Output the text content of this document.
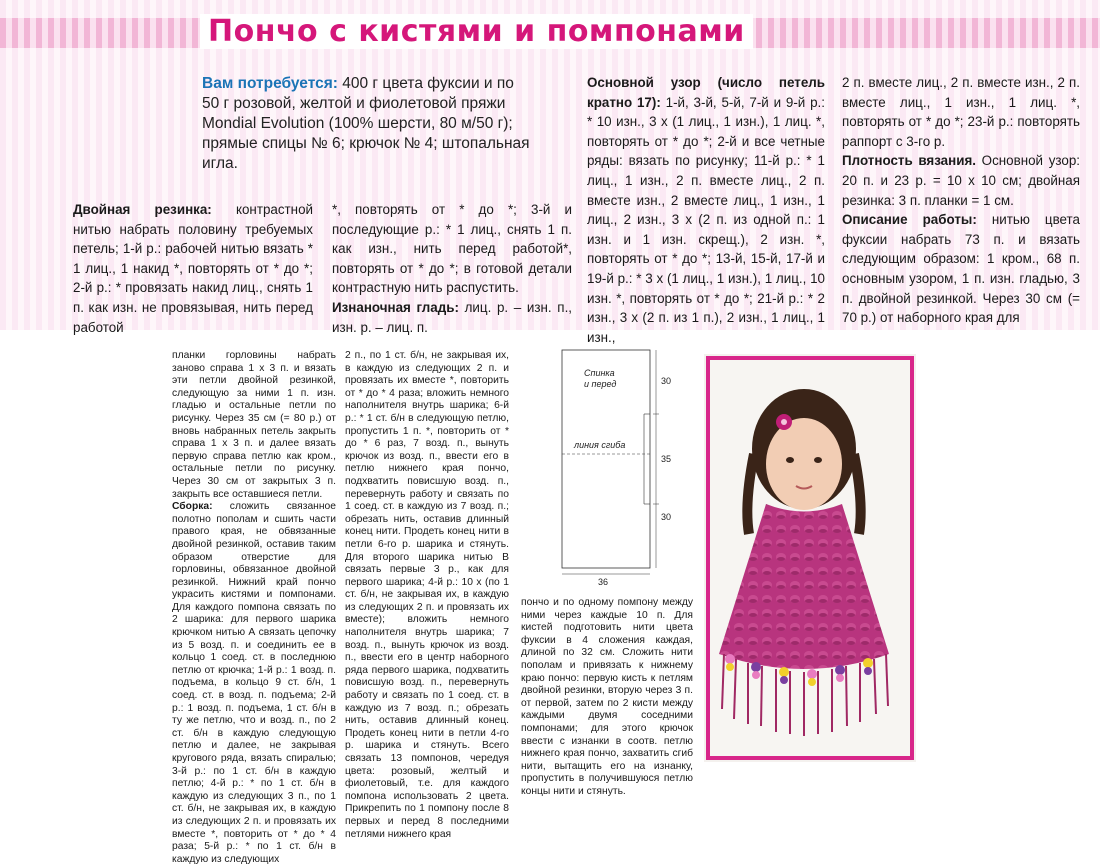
Пончо с кистями и помпонами
Вам потребуется: 400 г цвета фуксии и по 50 г розовой, желтой и фиолетовой пряжи Mondial Evolution (100% шерсти, 80 м/50 г); прямые спицы № 6; крючок № 4; штопальная игла.
Двойная резинка: контрастной нитью набрать половину требуемых петель; 1-й р.: рабочей нитью вязать * 1 лиц., 1 накид *, повторять от * до *; 2-й р.: * провязать накид лиц., снять 1 п. как изн. не провязывая, нить перед работой
*, повторять от * до *; 3-й и последующие р.: * 1 лиц., снять 1 п. как изн., нить перед работой*, повторять от * до *; в готовой детали контрастную нить распустить.
Изнаночная гладь: лиц. р. – изн. п., изн. р. – лиц. п.
Основной узор (число петель кратно 17): 1-й, 3-й, 5-й, 7-й и 9-й р.: * 10 изн., 3 х (1 лиц., 1 изн.), 1 лиц. *, повторять от * до *; 2-й и все четные ряды: вязать по рисунку; 11-й р.: * 1 лиц., 1 изн., 2 п. вместе лиц., 2 п. вместе изн., 2 вместе лиц., 1 изн., 1 лиц., 2 изн., 3 х (2 п. из одной п.: 1 изн. и 1 изн. скрещ.), 2 изн. *, повторять от * до *; 13-й, 15-й, 17-й и 19-й р.: * 3 х (1 лиц., 1 изн.), 1 лиц., 10 изн. *, повторять от * до *; 21-й р.: * 2 изн., 3 х (2 п. из 1 п.), 2 изн., 1 лиц., 1 изн.,
2 п. вместе лиц., 2 п. вместе изн., 2 п. вместе лиц., 1 изн., 1 лиц. *, повторять от * до *; 23-й р.: повторять раппорт с 3-го р.
Плотность вязания. Основной узор: 20 п. и 23 р. = 10 х 10 см; двойная резинка: 3 п. планки = 1 см.
Описание работы: нитью цвета фуксии набрать 73 п. и вязать следующим образом: 1 кром., 68 п. основным узором, 1 п. изн. гладью, 3 п. двойной резинкой. Через 30 см (= 70 р.) от наборного края для
планки горловины набрать заново справа 1 х 3 п. и вязать эти петли двойной резинкой, следующую за ними 1 п. изн. гладью и остальные петли по рисунку. Через 35 см (= 80 р.) от вновь набранных петель закрыть справа 1 х 3 п. и далее вязать первую справа петлю как кром., остальные петли по рисунку. Через 30 см от закрытых 3 п. закрыть все оставшиеся петли.
Сборка: сложить связанное полотно пополам и сшить части правого края, не обвязанные двойной резинкой, оставив таким образом отверстие для горловины, обвязанное двойной резинкой. Нижний край пончо украсить кистями и помпонами. Для каждого помпона связать по 2 шарика: для первого шарика крючком нитью А связать цепочку из 5 возд. п. и соединить ее в кольцо 1 соед. ст. в последнюю петлю от крючка; 1-й р.: 1 возд. п. подъема, в кольцо 9 ст. б/н, 1 соед. ст. в возд. п. подъема; 2-й р.: 1 возд. п. подъема, 1 ст. б/н в ту же петлю, что и возд. п., по 2 ст. б/н в каждую следующую петлю и далее, не закрывая кругового ряда, вязать спиралью; 3-й р.: по 1 ст. б/н в каждую петлю; 4-й р.: * по 1 ст. б/н в каждую из следующих 3 п., по 1 ст. б/н, не закрывая их, в каждую из следующих 2 п. и провязать их вместе *, повторить от * до * 4 раза; 5-й р.: * по 1 ст. б/н в каждую из следующих
2 п., по 1 ст. б/н, не закрывая их, в каждую из следующих 2 п. и провязать их вместе *, повторить от * до * 4 раза; вложить немного наполнителя внутрь шарика; 6-й р.: * 1 ст. б/н в следующую петлю, пропустить 1 п. *, повторить от * до * 6 раз, 7 возд. п., вынуть крючок из возд. п., ввести его в петлю нижнего края пончо, подхватить повисшую возд. п., перевернуть работу и связать по 1 соед. ст. в каждую из 7 возд. п.; обрезать нить, оставив длинный конец нити. Продеть конец нити в петли 6-го р. шарика и стянуть. Для второго шарика нитью В связать первые 3 р., как для первого шарика; 4-й р.: 10 х (по 1 ст. б/н, не закрывая их, в каждую из следующих 2 п. и провязать их вместе); вложить немного наполнителя внутрь шарика; 7 возд. п., вынуть крючок из возд. п., ввести его в центр наборного ряда первого шарика, подхватить повисшую возд. п., перевернуть работу и связать по 1 соед. ст. в каждую из 7 возд. п.; обрезать нить, оставив длинный конец. Продеть конец нити в петли 4-го р. шарика и стянуть. Всего связать 13 помпонов, чередуя цвета: розовый, желтый и фиолетовый, т.е. для каждого помпона использовать 2 цвета. Прикрепить по 1 помпону после 8 первых и перед 8 последними петлями нижнего края
пончо и по одному помпону между ними через каждые 10 п. Для кистей подготовить нити цвета фуксии в 4 сложения каждая, длиной по 32 см. Сложить нити пополам и привязать к нижнему краю пончо: первую кисть к петлям двойной резинки, вторую через 3 п. от первой, затем по 2 кисти между каждыми двумя соседними помпонами; для этого крючок ввести с изнанки в соотв. петлю нижнего края пончо, захватить сгиб нити, вытащить его на изнанку, пропустить в получившуюся петлю концы нити и стянуть.
Спинка
и перед
линия сгиба
30
35
30
36
